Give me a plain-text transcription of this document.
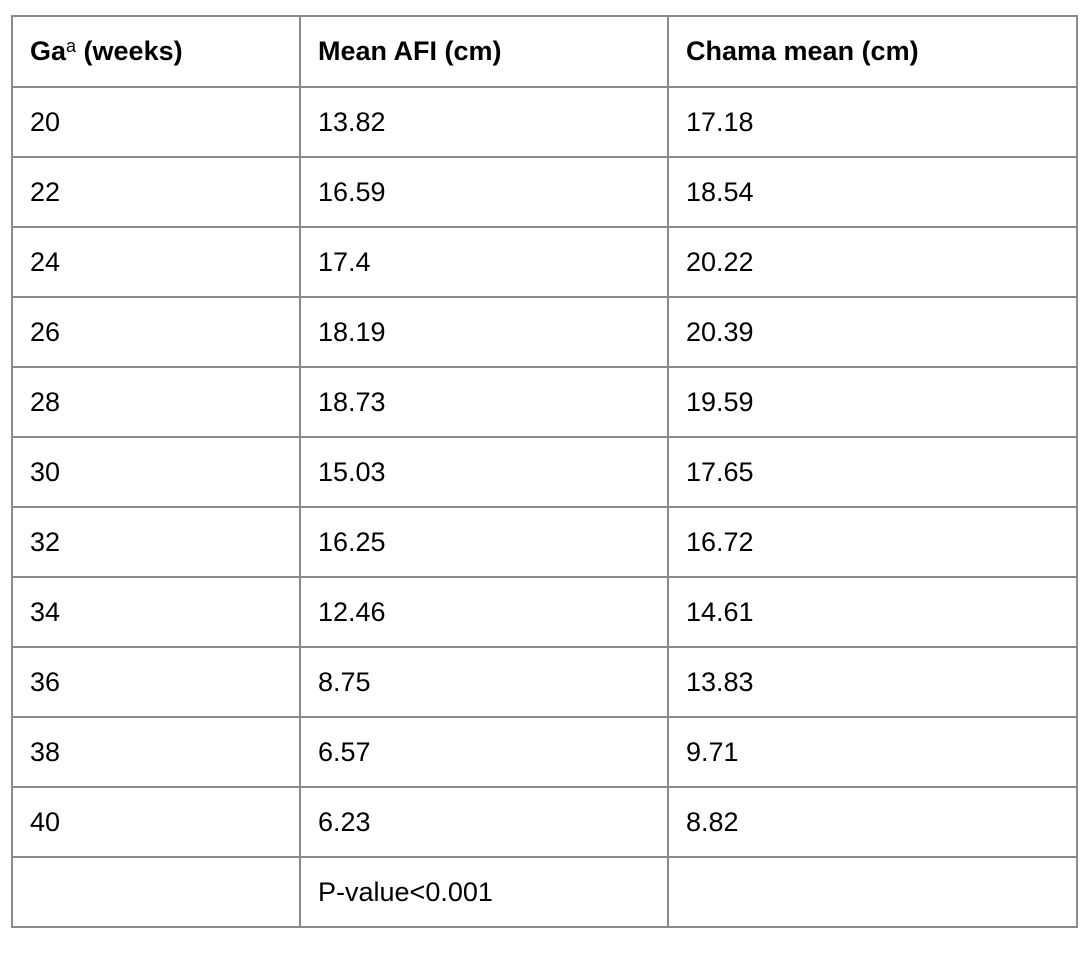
Ga$^a$ (weeks)	Mean AFI (cm)	Chama mean (cm)
20	13.82	17.18
22	16.59	18.54
24	17.4	20.22
26	18.19	20.39
28	18.73	19.59
30	15.03	17.65
32	16.25	16.72
34	12.46	14.61
36	8.75	13.83
38	6.57	9.71
40	6.23	8.82
	P-value<0.001	
